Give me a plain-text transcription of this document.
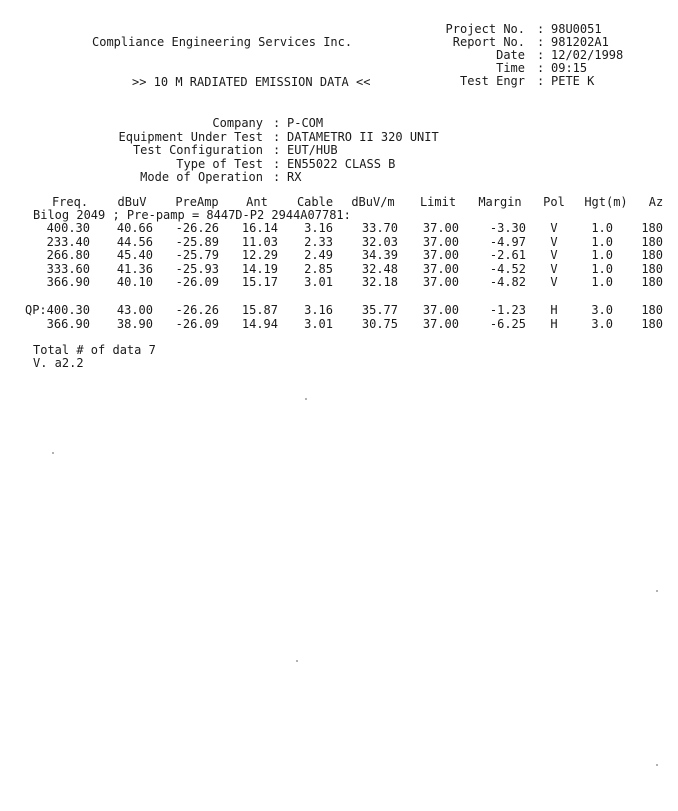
Compliance Engineering Services Inc.
>> 10 M RADIATED EMISSION DATA <<
Project No. : 98U0051
Report No. : 981202A1
Date : 12/02/1998
Time : 09:15
Test Engr : PETE K
Company : P-COM
Equipment Under Test : DATAMETRO II 320 UNIT
Test Configuration : EUT/HUB
Type of Test : EN55022 CLASS B
Mode of Operation : RX
Freq.	dBuV	PreAmp	Ant	Cable	dBuV/m	Limit	Margin	Pol	Hgt(m)	Az
Bilog 2049 ; Pre-pamp = 8447D-P2 2944A07781:
400.30	40.66	-26.26	16.14	3.16	33.70	37.00	-3.30	V	1.0	180
233.40	44.56	-25.89	11.03	2.33	32.03	37.00	-4.97	V	1.0	180
266.80	45.40	-25.79	12.29	2.49	34.39	37.00	-2.61	V	1.0	180
333.60	41.36	-25.93	14.19	2.85	32.48	37.00	-4.52	V	1.0	180
366.90	40.10	-26.09	15.17	3.01	32.18	37.00	-4.82	V	1.0	180
QP:400.30	43.00	-26.26	15.87	3.16	35.77	37.00	-1.23	H	3.0	180
366.90	38.90	-26.09	14.94	3.01	30.75	37.00	-6.25	H	3.0	180
Total # of data 7
V. a2.2
